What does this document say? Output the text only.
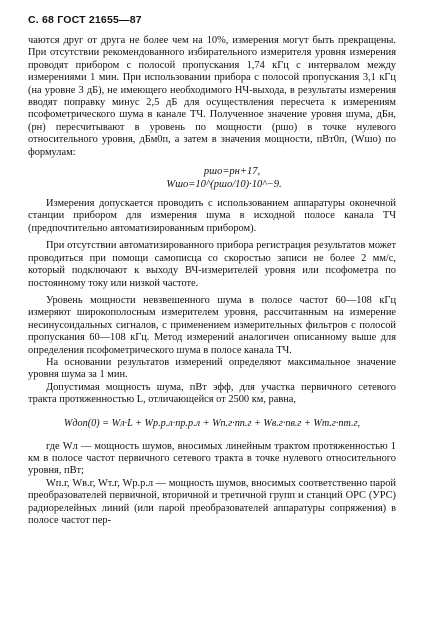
С. 68 ГОСТ 21655—87

чаются друг от друга не более чем на 10%, измерения могут быть прекращены. При отсутствии рекомендованного избирательного измерителя уровня измерения проводят прибором с полосой пропускания 1,74 кГц с интервалом между измерениями 1 мин. При использовании прибора с полосой пропускания 3,1 кГц (на уровне 3 дБ), не имеющего необходимого НЧ-выхода, в результаты измерения вводят поправку минус 2,5 дБ для осуществления пересчета к измерениям псофометрического шума в канале ТЧ. Полученное значение уровня шума, дБн, (pн) пересчитывают в уровень по мощности (pшо) в точке нулевого относительного уровня, дБм0п, а затем в значения мощности, пВт0п, (Wшо) по формулам:

pшо=pн+17,
Wшо=10^(pшо/10)·10^−9.

Измерения допускается проводить с использованием аппаратуры оконечной станции прибором для измерения шума в исходной полосе канала ТЧ (предпочтительно автоматизированным прибором).

При отсутствии автоматизированного прибора регистрация результатов может проводиться при помощи самописца со скоростью записи не более 2 мм/с, который подключают к выходу ВЧ-измерителей уровня или псофометра по постоянному току или низкой частоте.

Уровень мощности невзвешенного шума в полосе частот 60—108 кГц измеряют широкополосным измерителем уровня, рассчитанным на измерение несинусоидальных сигналов, с применением измерительных фильтров с полосой пропускания 60—108 кГц. Метод измерений аналогичен описанному выше для определения псофометрического шума в полосе канала ТЧ.

На основании результатов измерений определяют максимальное значение уровня шума за 1 мин.

Допустимая мощность шума, пВт эфф, для участка первичного сетевого тракта протяженностью L, отличающейся от 2500 км, равна,

Wдоп(0) = Wл·L + Wр.р.л·nр.р.л + Wп.г·nп.г + Wв.г·nв.г + Wт.г·nт.г,

где Wл — мощность шумов, вносимых линейным трактом протяженностью 1 км в полосе частот первичного сетевого тракта в точке нулевого относительного уровня, пВт;

Wп.г, Wв.г, Wт.г, Wр.р.л — мощность шумов, вносимых соответственно парой преобразователей первичной, вторичной и третичной групп и станций ОРС (УРС) радиорелейных линий (или парой преобразователей аппаратуры сопряжения) в полосе частот пер-
